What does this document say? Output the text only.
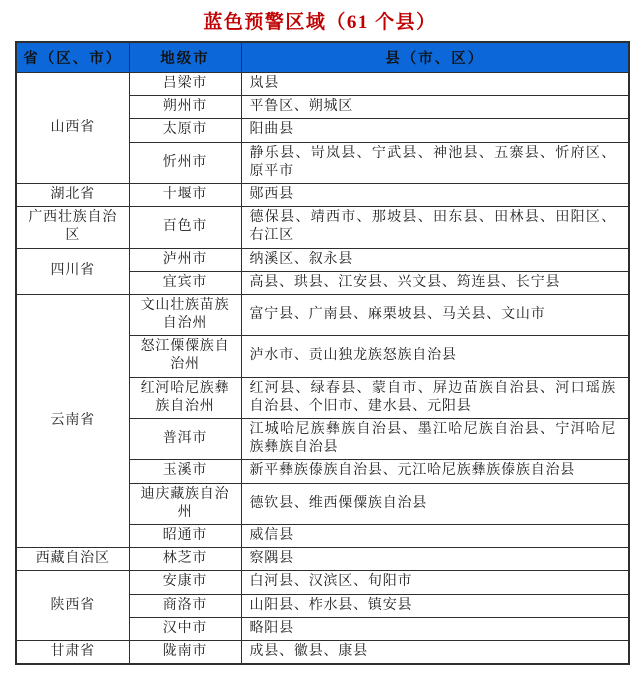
蓝色预警区域（61 个县）
省（区、市）	地级市	县（市、区）
山西省	吕梁市	岚县
	朔州市	平鲁区、朔城区
	太原市	阳曲县
	忻州市	静乐县、岢岚县、宁武县、神池县、五寨县、忻府区、原平市
湖北省	十堰市	郧西县
广西壮族自治区	百色市	德保县、靖西市、那坡县、田东县、田林县、田阳区、右江区
四川省	泸州市	纳溪区、叙永县
	宜宾市	高县、珙县、江安县、兴文县、筠连县、长宁县
云南省	文山壮族苗族自治州	富宁县、广南县、麻栗坡县、马关县、文山市
	怒江傈僳族自治州	泸水市、贡山独龙族怒族自治县
	红河哈尼族彝族自治州	红河县、绿春县、蒙自市、屏边苗族自治县、河口瑶族自治县、个旧市、建水县、元阳县
	普洱市	江城哈尼族彝族自治县、墨江哈尼族自治县、宁洱哈尼族彝族自治县
	玉溪市	新平彝族傣族自治县、元江哈尼族彝族傣族自治县
	迪庆藏族自治州	德钦县、维西傈僳族自治县
	昭通市	威信县
西藏自治区	林芝市	察隅县
陕西省	安康市	白河县、汉滨区、旬阳市
	商洛市	山阳县、柞水县、镇安县
	汉中市	略阳县
甘肃省	陇南市	成县、徽县、康县
